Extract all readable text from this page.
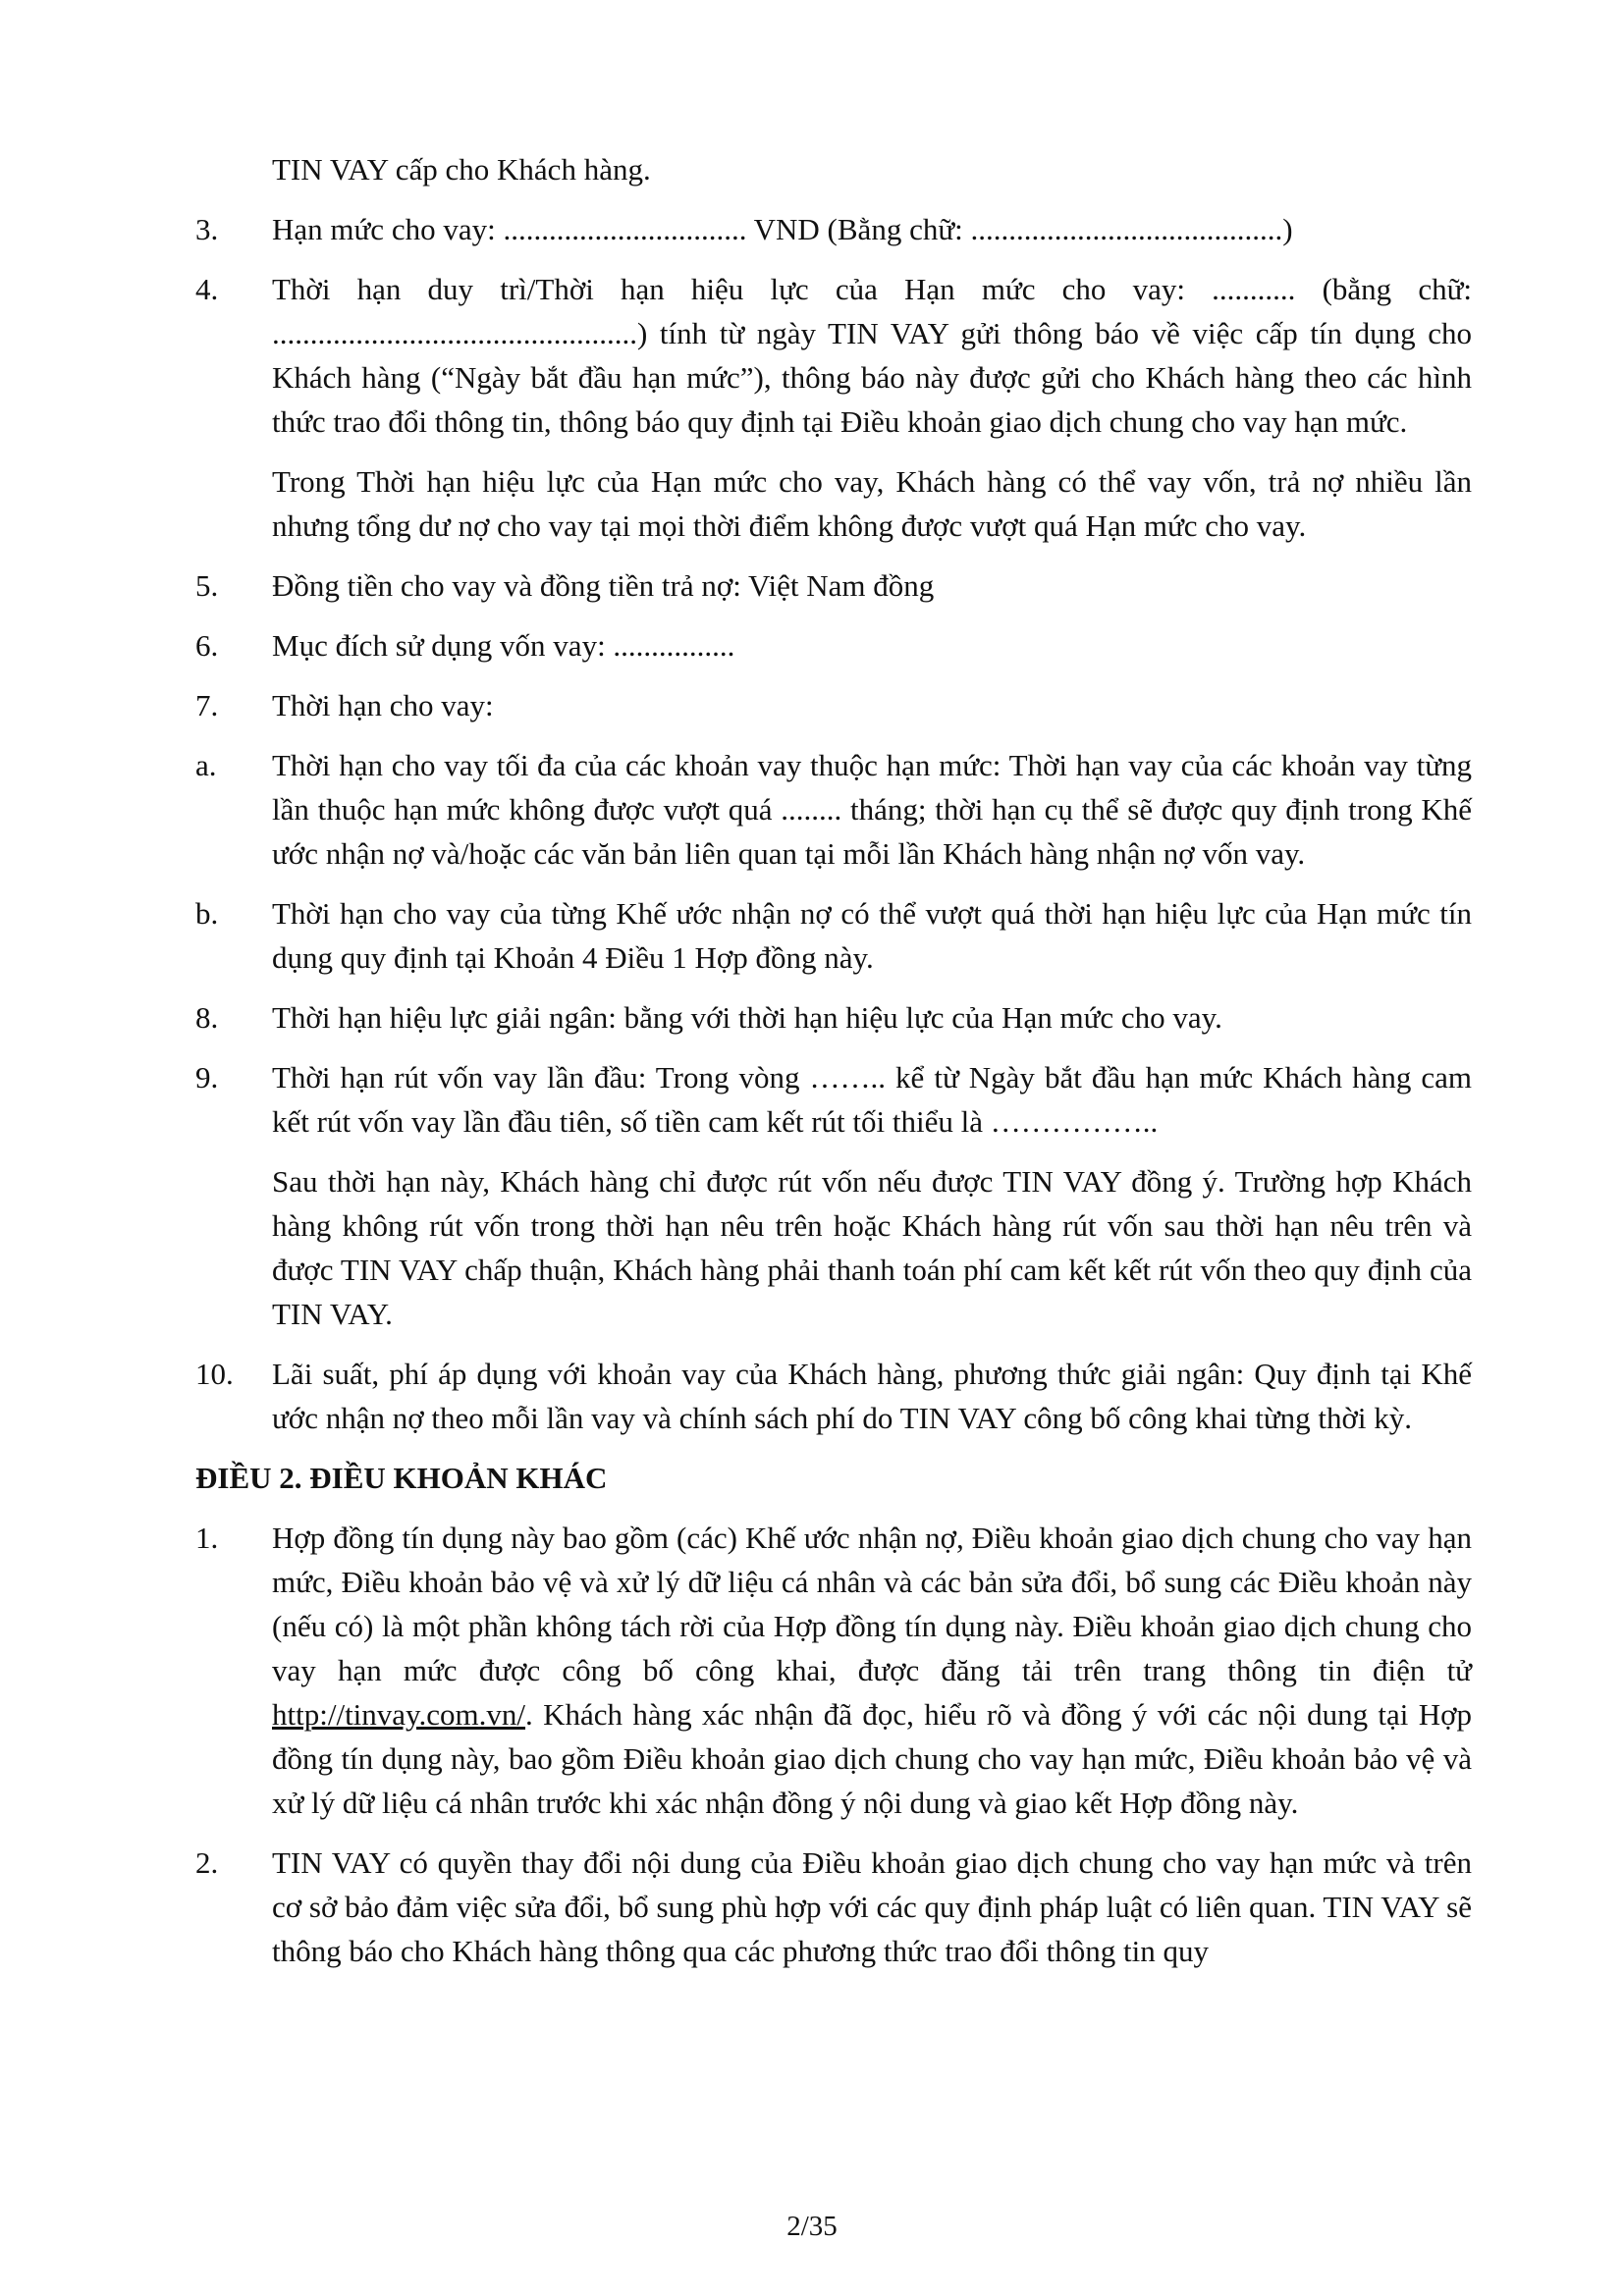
TIN VAY cấp cho Khách hàng.
3. Hạn mức cho vay: ................................ VND (Bằng chữ: .........................................)
4. Thời hạn duy trì/Thời hạn hiệu lực của Hạn mức cho vay: ........... (bằng chữ: ................................................) tính từ ngày TIN VAY gửi thông báo về việc cấp tín dụng cho Khách hàng (“Ngày bắt đầu hạn mức”), thông báo này được gửi cho Khách hàng theo các hình thức trao đổi thông tin, thông báo quy định tại Điều khoản giao dịch chung cho vay hạn mức.
Trong Thời hạn hiệu lực của Hạn mức cho vay, Khách hàng có thể vay vốn, trả nợ nhiều lần nhưng tổng dư nợ cho vay tại mọi thời điểm không được vượt quá Hạn mức cho vay.
5. Đồng tiền cho vay và đồng tiền trả nợ: Việt Nam đồng
6. Mục đích sử dụng vốn vay: ................
7. Thời hạn cho vay:
a. Thời hạn cho vay tối đa của các khoản vay thuộc hạn mức: Thời hạn vay của các khoản vay từng lần thuộc hạn mức không được vượt quá ........ tháng; thời hạn cụ thể sẽ được quy định trong Khế ước nhận nợ và/hoặc các văn bản liên quan tại mỗi lần Khách hàng nhận nợ vốn vay.
b. Thời hạn cho vay của từng Khế ước nhận nợ có thể vượt quá thời hạn hiệu lực của Hạn mức tín dụng quy định tại Khoản 4 Điều 1 Hợp đồng này.
8. Thời hạn hiệu lực giải ngân: bằng với thời hạn hiệu lực của Hạn mức cho vay.
9. Thời hạn rút vốn vay lần đầu: Trong vòng …….. kể từ Ngày bắt đầu hạn mức Khách hàng cam kết rút vốn vay lần đầu tiên, số tiền cam kết rút tối thiểu là ……………..
Sau thời hạn này, Khách hàng chỉ được rút vốn nếu được TIN VAY đồng ý. Trường hợp Khách hàng không rút vốn trong thời hạn nêu trên hoặc Khách hàng rút vốn sau thời hạn nêu trên và được TIN VAY chấp thuận, Khách hàng phải thanh toán phí cam kết kết rút vốn theo quy định của TIN VAY.
10. Lãi suất, phí áp dụng với khoản vay của Khách hàng, phương thức giải ngân: Quy định tại Khế ước nhận nợ theo mỗi lần vay và chính sách phí do TIN VAY công bố công khai từng thời kỳ.
ĐIỀU 2. ĐIỀU KHOẢN KHÁC
1. Hợp đồng tín dụng này bao gồm (các) Khế ước nhận nợ, Điều khoản giao dịch chung cho vay hạn mức, Điều khoản bảo vệ và xử lý dữ liệu cá nhân và các bản sửa đổi, bổ sung các Điều khoản này (nếu có) là một phần không tách rời của Hợp đồng tín dụng này. Điều khoản giao dịch chung cho vay hạn mức được công bố công khai, được đăng tải trên trang thông tin điện tử http://tinvay.com.vn/. Khách hàng xác nhận đã đọc, hiểu rõ và đồng ý với các nội dung tại Hợp đồng tín dụng này, bao gồm Điều khoản giao dịch chung cho vay hạn mức, Điều khoản bảo vệ và xử lý dữ liệu cá nhân trước khi xác nhận đồng ý nội dung và giao kết Hợp đồng này.
2. TIN VAY có quyền thay đổi nội dung của Điều khoản giao dịch chung cho vay hạn mức và trên cơ sở bảo đảm việc sửa đổi, bổ sung phù hợp với các quy định pháp luật có liên quan. TIN VAY sẽ thông báo cho Khách hàng thông qua các phương thức trao đổi thông tin quy
2/35
